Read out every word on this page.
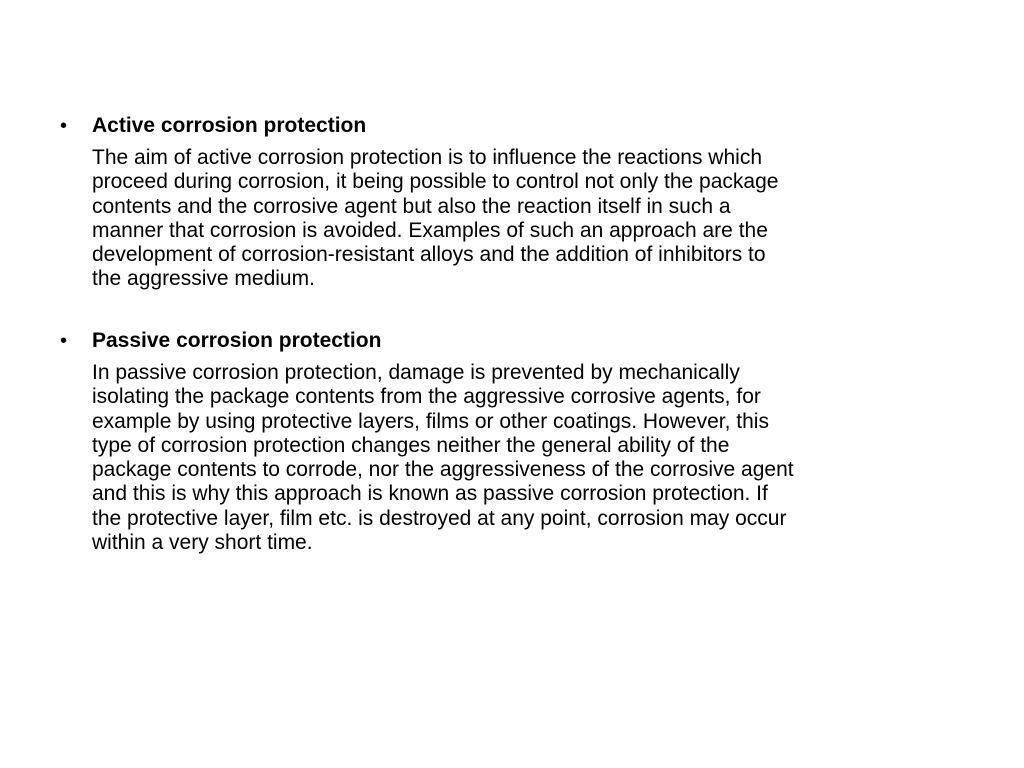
• Active corrosion protection
The aim of active corrosion protection is to influence the reactions which
proceed during corrosion, it being possible to control not only the package
contents and the corrosive agent but also the reaction itself in such a
manner that corrosion is avoided. Examples of such an approach are the
development of corrosion-resistant alloys and the addition of inhibitors to
the aggressive medium.
• Passive corrosion protection
In passive corrosion protection, damage is prevented by mechanically
isolating the package contents from the aggressive corrosive agents, for
example by using protective layers, films or other coatings. However, this
type of corrosion protection changes neither the general ability of the
package contents to corrode, nor the aggressiveness of the corrosive agent
and this is why this approach is known as passive corrosion protection. If
the protective layer, film etc. is destroyed at any point, corrosion may occur
within a very short time.
